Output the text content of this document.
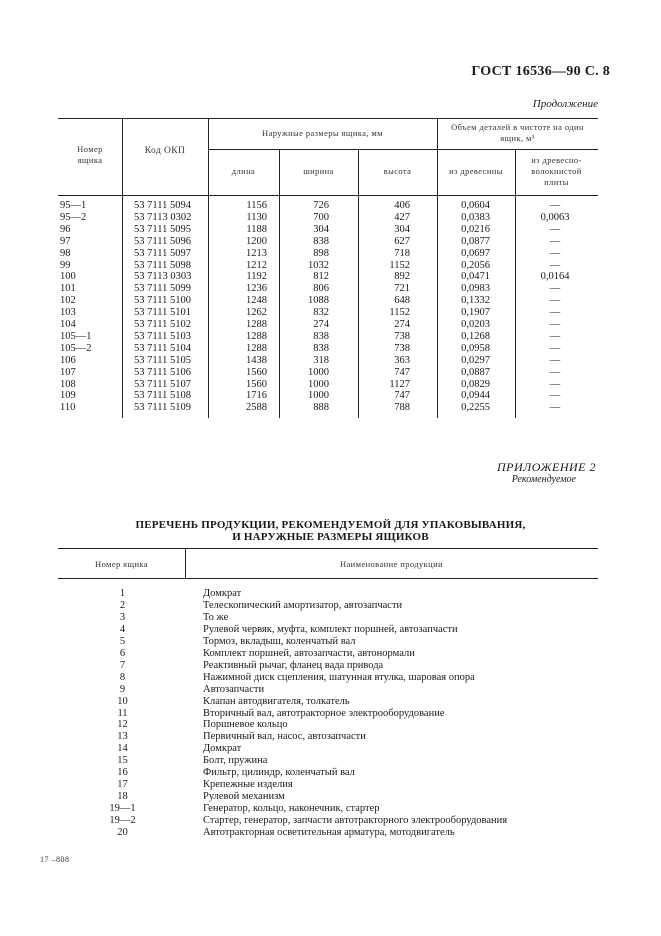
ГОСТ 16536—90 С. 8
Продолжение
Номер
ящика
Код ОКП
Наружные размеры ящика, мм
Объем деталей в чистоте на один
ящик, м³
длина	ширина	высота	из древесины
из древесно-
волокнистой
плиты
95—1	53 7111 5094	1156	726	406	0,0604	—
95—2	53 7113 0302	1130	700	427	0,0383	0,0063
96	53 7111 5095	1188	304	304	0,0216	—
97	53 7111 5096	1200	838	627	0,0877	—
98	53 7111 5097	1213	898	718	0,0697	—
99	53 7111 5098	1212	1032	1152	0,2056	—
100	53 7113 0303	1192	812	892	0,0471	0,0164
101	53 7111 5099	1236	806	721	0,0983	—
102	53 7111 5100	1248	1088	648	0,1332	—
103	53 7111 5101	1262	832	1152	0,1907	—
104	53 7111 5102	1288	274	274	0,0203	—
105—1	53 7111 5103	1288	838	738	0,1268	—
105—2	53 7111 5104	1288	838	738	0,0958	—
106	53 7111 5105	1438	318	363	0,0297	—
107	53 7111 5106	1560	1000	747	0,0887	—
108	53 7111 5107	1560	1000	1127	0,0829	—
109	53 7111 5108	1716	1000	747	0,0944	—
110	53 7111 5109	2588	888	788	0,2255	—
ПРИЛОЖЕНИЕ 2
Рекомендуемое
ПЕРЕЧЕНЬ ПРОДУКЦИИ, РЕКОМЕНДУЕМОЙ ДЛЯ УПАКОВЫВАНИЯ,
И НАРУЖНЫЕ РАЗМЕРЫ ЯЩИКОВ
Номер ящика	Наименование продукции
1	Домкрат
2	Телескопический амортизатор, автозапчасти
3	То же
4	Рулевой червяк, муфта, комплект поршней, автозапчасти
5	Тормоз, вкладыш, коленчатый вал
6	Комплект поршней, автозапчасти, автонормали
7	Реактивный рычаг, фланец вада привода
8	Нажимной диск сцепления, шатунная втулка, шаровая опора
9	Автозапчасти
10	Клапан автодвигателя, толкатель
11	Вторичный вал, автотракторное электрооборудование
12	Поршневое кольцо
13	Первичный вал, насос, автозапчасти
14	Домкрат
15	Болт, пружина
16	Фильтр, цилиндр, коленчатый вал
17	Крепежные изделия
18	Рулевой механизм
19—1	Генератор, кольцо, наконечник, стартер
19—2	Стартер, генератор, запчасти автотракторного электрооборудования
20	Автотракторная осветительная арматура, мотодвигатель
17 –808
